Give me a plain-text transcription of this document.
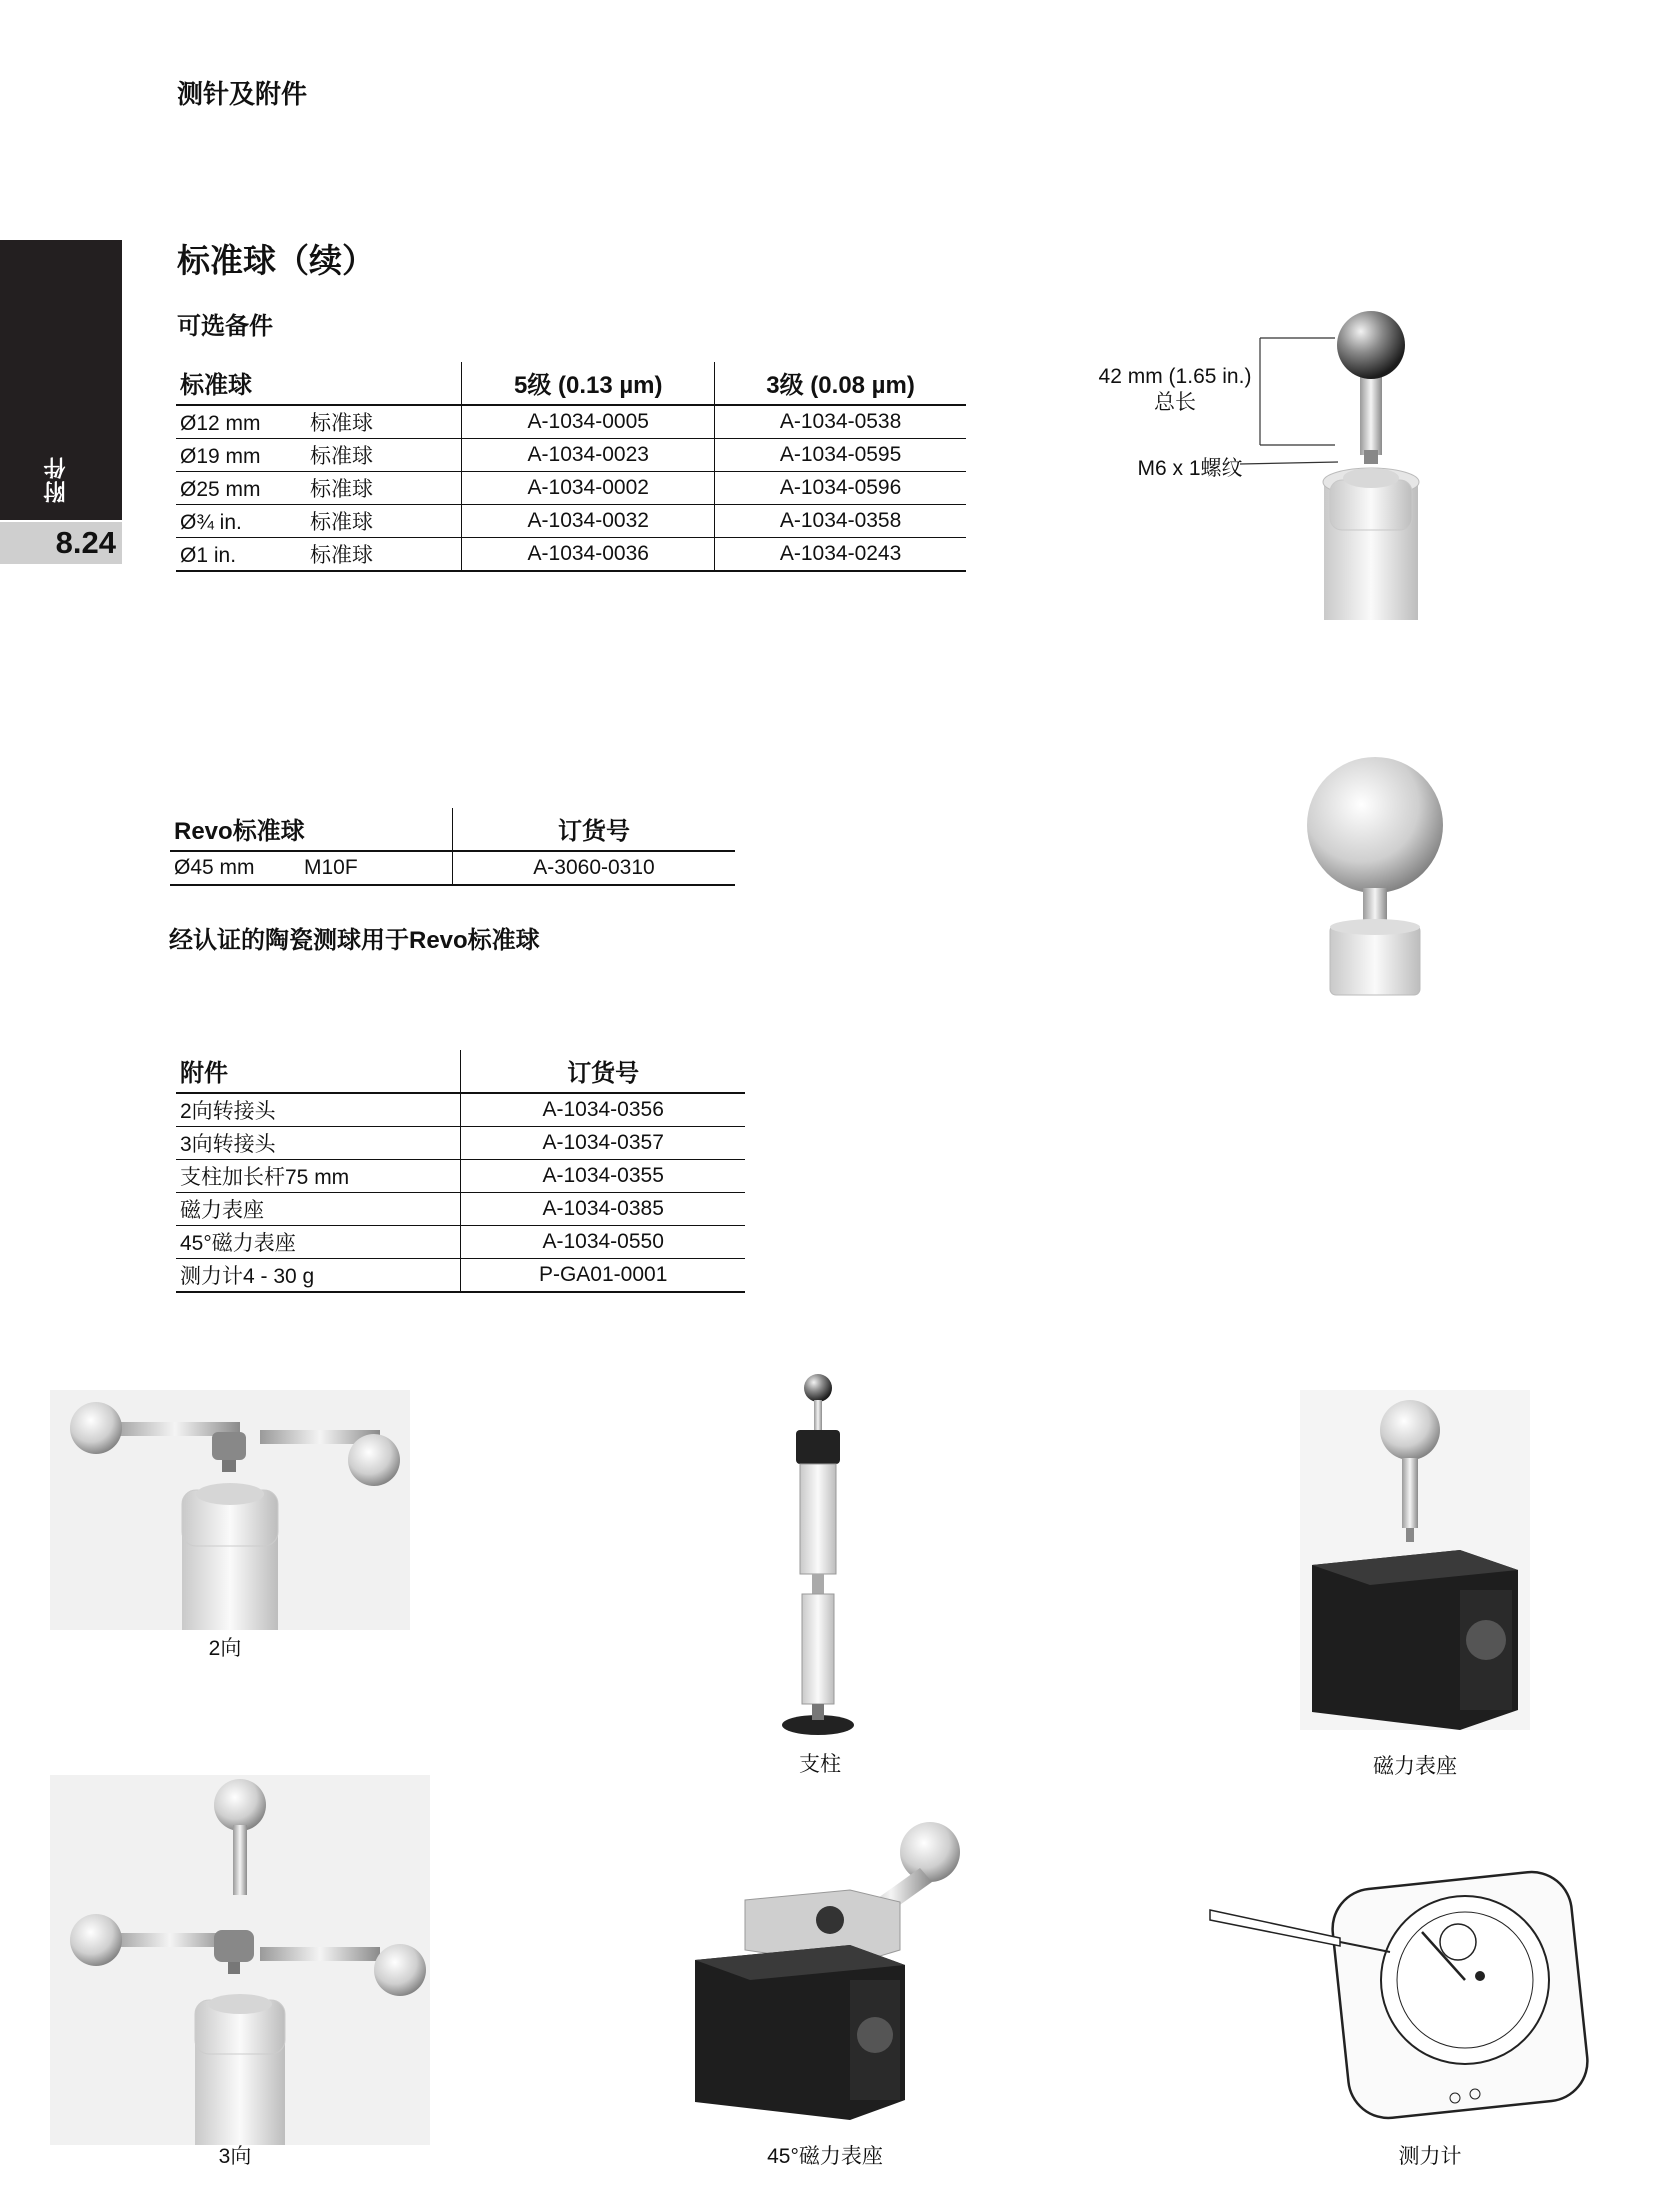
测针及附件
附件
8.24
标准球（续）
可选备件
标准球	5级 (0.13 µm)	3级 (0.08 µm)
Ø12 mm 标准球	A-1034-0005	A-1034-0538
Ø19 mm 标准球	A-1034-0023	A-1034-0595
Ø25 mm 标准球	A-1034-0002	A-1034-0596
Ø¾ in. 标准球	A-1034-0032	A-1034-0358
Ø1 in. 标准球	A-1034-0036	A-1034-0243
42 mm (1.65 in.)
总长
M6 x 1螺纹
Revo标准球	订货号
Ø45 mm M10F	A-3060-0310
经认证的陶瓷测球用于Revo标准球
附件	订货号
2向转接头	A-1034-0356
3向转接头	A-1034-0357
支柱加长杆75 mm	A-1034-0355
磁力表座	A-1034-0385
45°磁力表座	A-1034-0550
测力计4 - 30 g	P-GA01-0001
2向
支柱	磁力表座
3向	45°磁力表座	测力计
